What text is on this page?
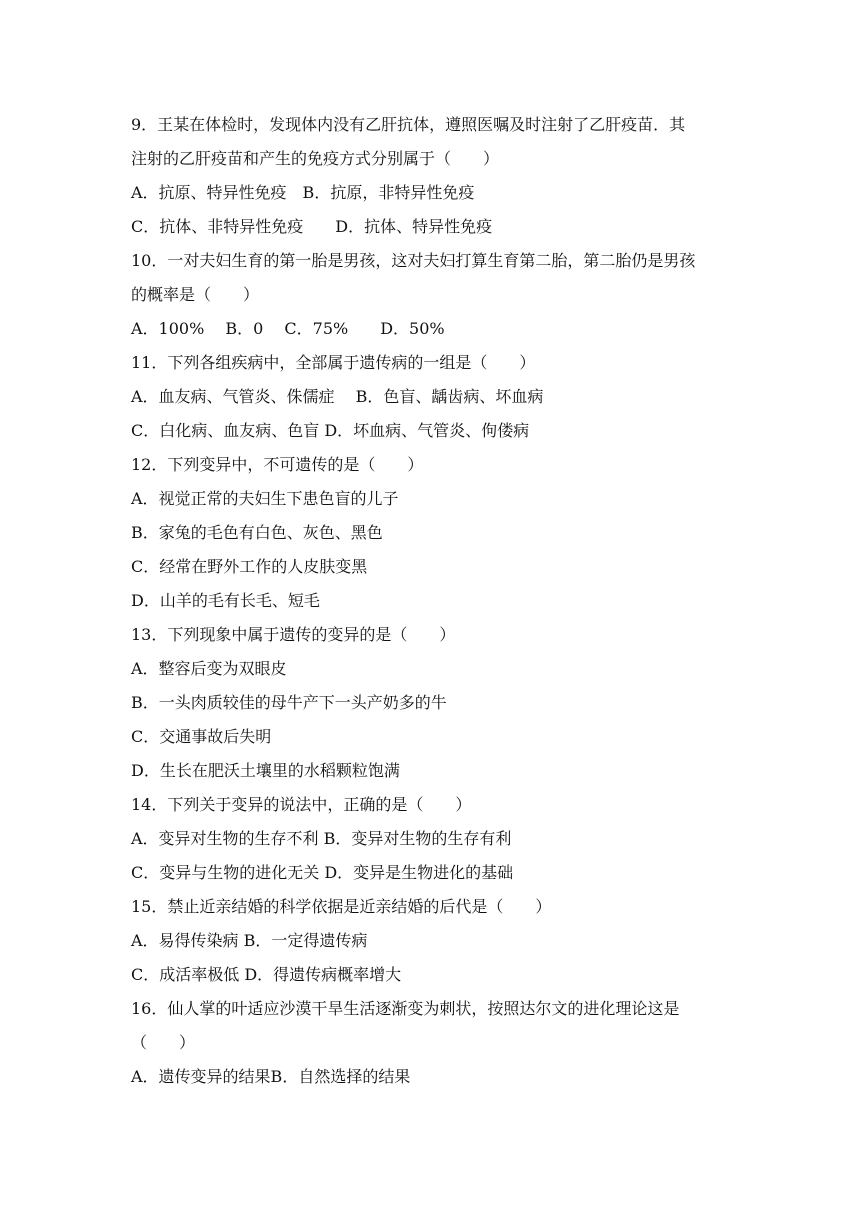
9．王某在体检时，发现体内没有乙肝抗体，遵照医嘱及时注射了乙肝疫苗．其
注射的乙肝疫苗和产生的免疫方式分别属于（　　）
A．抗原、特异性免疫　B．抗原，非特异性免疫
C．抗体、非特异性免疫　　D．抗体、特异性免疫
10．一对夫妇生育的第一胎是男孩，这对夫妇打算生育第二胎，第二胎仍是男孩
的概率是（　　）
A．100%　 B．0　 C．75%　　D．50%
11．下列各组疾病中，全部属于遗传病的一组是（　　）
A．血友病、气管炎、侏儒症　 B．色盲、龋齿病、坏血病
C．白化病、血友病、色盲 D．坏血病、气管炎、佝偻病
12．下列变异中，不可遗传的是（　　）
A．视觉正常的夫妇生下患色盲的儿子
B．家兔的毛色有白色、灰色、黑色
C．经常在野外工作的人皮肤变黑
D．山羊的毛有长毛、短毛
13．下列现象中属于遗传的变异的是（　　）
A．整容后变为双眼皮
B．一头肉质较佳的母牛产下一头产奶多的牛
C．交通事故后失明
D．生长在肥沃土壤里的水稻颗粒饱满
14．下列关于变异的说法中，正确的是（　　）
A．变异对生物的生存不利 B．变异对生物的生存有利
C．变异与生物的进化无关 D．变异是生物进化的基础
15．禁止近亲结婚的科学依据是近亲结婚的后代是（　　）
A．易得传染病 B．一定得遗传病
C．成活率极低 D．得遗传病概率增大
16．仙人掌的叶适应沙漠干旱生活逐渐变为刺状，按照达尔文的进化理论这是
（　　）
A．遗传变异的结果B．自然选择的结果
